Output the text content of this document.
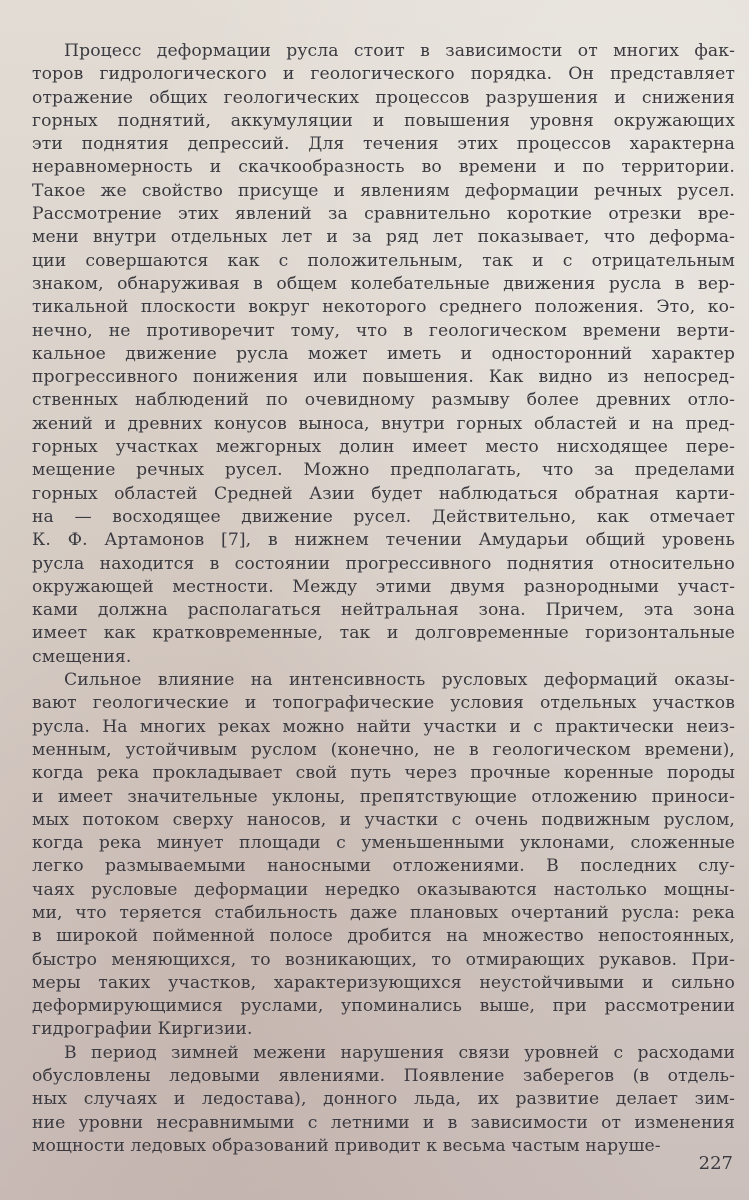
Процесс деформации русла стоит в зависимости от многих фак-
торов гидрологического и геологического порядка. Он представляет
отражение общих геологических процессов разрушения и снижения
горных поднятий, аккумуляции и повышения уровня окружающих
эти поднятия депрессий. Для течения этих процессов характерна
неравномерность и скачкообразность во времени и по территории.
Такое же свойство присуще и явлениям деформации речных русел.
Рассмотрение этих явлений за сравнительно короткие отрезки вре-
мени внутри отдельных лет и за ряд лет показывает, что деформа-
ции совершаются как с положительным, так и с отрицательным
знаком, обнаруживая в общем колебательные движения русла в вер-
тикальной плоскости вокруг некоторого среднего положения. Это, ко-
нечно, не противоречит тому, что в геологическом времени верти-
кальное движение русла может иметь и односторонний характер
прогрессивного понижения или повышения. Как видно из непосред-
ственных наблюдений по очевидному размыву более древних отло-
жений и древних конусов выноса, внутри горных областей и на пред-
горных участках межгорных долин имеет место нисходящее пере-
мещение речных русел. Можно предполагать, что за пределами
горных областей Средней Азии будет наблюдаться обратная карти-
на — восходящее движение русел. Действительно, как отмечает
К. Ф. Артамонов [7], в нижнем течении Амударьи общий уровень
русла находится в состоянии прогрессивного поднятия относительно
окружающей местности. Между этими двумя разнородными участ-
ками должна располагаться нейтральная зона. Причем, эта зона
имеет как кратковременные, так и долговременные горизонтальные
смещения.

Сильное влияние на интенсивность русловых деформаций оказы-
вают геологические и топографические условия отдельных участков
русла. На многих реках можно найти участки и с практически неиз-
менным, устойчивым руслом (конечно, не в геологическом времени),
когда река прокладывает свой путь через прочные коренные породы
и имеет значительные уклоны, препятствующие отложению приноси-
мых потоком сверху наносов, и участки с очень подвижным руслом,
когда река минует площади с уменьшенными уклонами, сложенные
легко размываемыми наносными отложениями. В последних слу-
чаях русловые деформации нередко оказываются настолько мощны-
ми, что теряется стабильность даже плановых очертаний русла: река
в широкой пойменной полосе дробится на множество непостоянных,
быстро меняющихся, то возникающих, то отмирающих рукавов. При-
меры таких участков, характеризующихся неустойчивыми и сильно
деформирующимися руслами, упоминались выше, при рассмотрении
гидрографии Киргизии.

В период зимней межени нарушения связи уровней с расходами
обусловлены ледовыми явлениями. Появление заберегов (в отдель-
ных случаях и ледостава), донного льда, их развитие делает зим-
ние уровни несравнимыми с летними и в зависимости от изменения
мощности ледовых образований приводит к весьма частым наруше-

227
